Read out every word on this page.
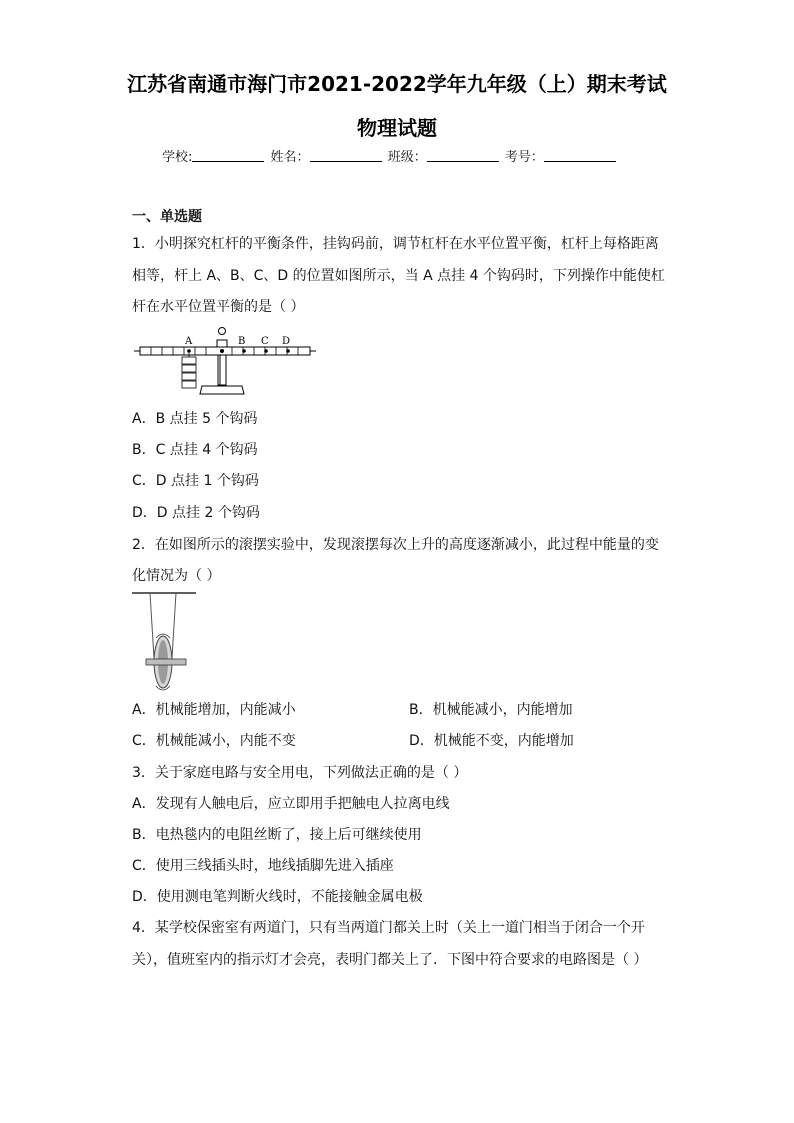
江苏省南通市海门市2021-2022学年九年级（上）期末考试
物理试题
学校:	姓名：	班级：	考号：
一、单选题
1．小明探究杠杆的平衡条件，挂钩码前，调节杠杆在水平位置平衡，杠杆上每格距离
相等，杆上 A、B、C、D 的位置如图所示，当 A 点挂 4 个钩码时，下列操作中能使杠
杆在水平位置平衡的是（ ）
A	B C D
A．B 点挂 5 个钩码
B．C 点挂 4 个钩码
C．D 点挂 1 个钩码
D．D 点挂 2 个钩码
2．在如图所示的滚摆实验中，发现滚摆每次上升的高度逐渐减小，此过程中能量的变
化情况为（ ）
A．机械能增加，内能减小	B．机械能减小，内能增加
C．机械能减小，内能不变	D．机械能不变，内能增加
3．关于家庭电路与安全用电，下列做法正确的是（ ）
A．发现有人触电后，应立即用手把触电人拉离电线
B．电热毯内的电阻丝断了，接上后可继续使用
C．使用三线插头时，地线插脚先进入插座
D．使用测电笔判断火线时，不能接触金属电极
4．某学校保密室有两道门，只有当两道门都关上时（关上一道门相当于闭合一个开
关），值班室内的指示灯才会亮，表明门都关上了．下图中符合要求的电路图是（ ）
